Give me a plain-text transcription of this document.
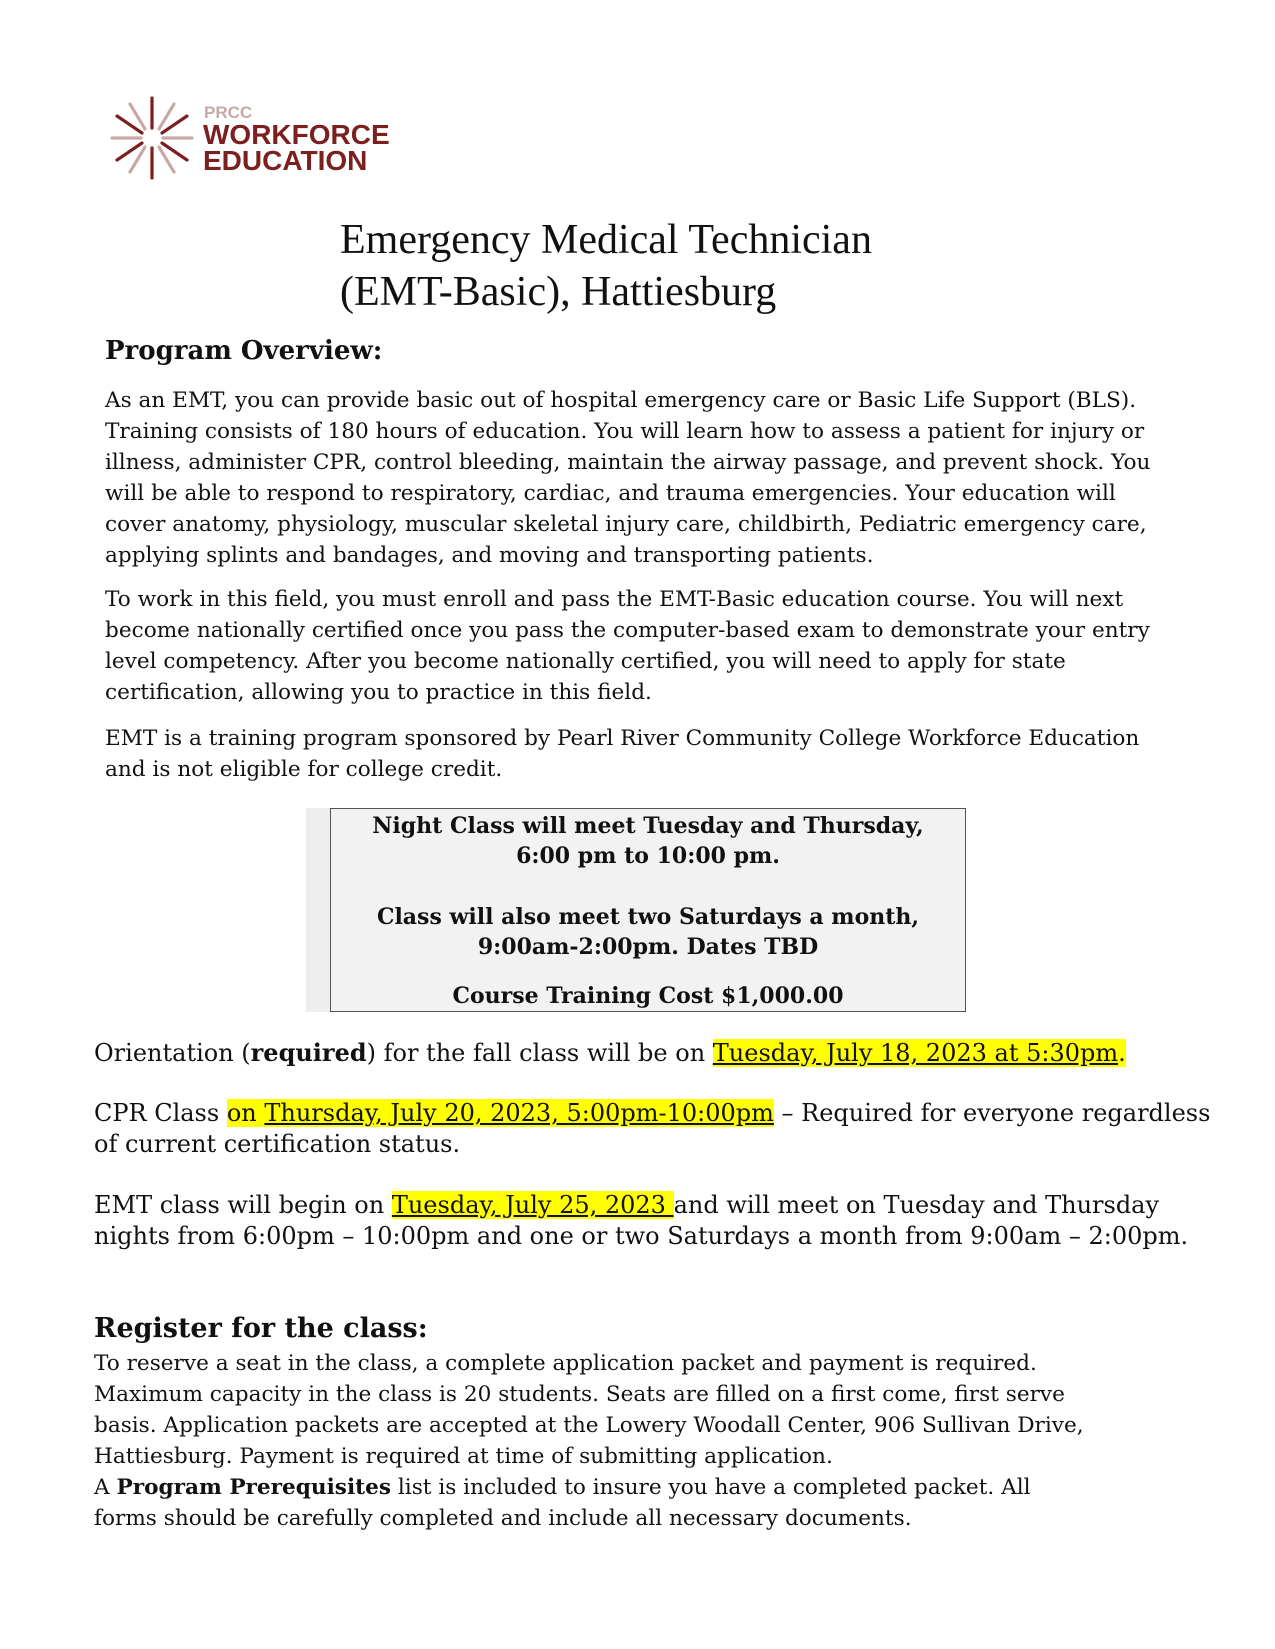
PRCC
WORKFORCE
EDUCATION
Emergency Medical Technician
(EMT-Basic), Hattiesburg
Program Overview:
As an EMT, you can provide basic out of hospital emergency care or Basic Life Support (BLS).
Training consists of 180 hours of education. You will learn how to assess a patient for injury or
illness, administer CPR, control bleeding, maintain the airway passage, and prevent shock. You
will be able to respond to respiratory, cardiac, and trauma emergencies. Your education will
cover anatomy, physiology, muscular skeletal injury care, childbirth, Pediatric emergency care,
applying splints and bandages, and moving and transporting patients.
To work in this field, you must enroll and pass the EMT-Basic education course. You will next
become nationally certified once you pass the computer-based exam to demonstrate your entry
level competency. After you become nationally certified, you will need to apply for state
certification, allowing you to practice in this field.
EMT is a training program sponsored by Pearl River Community College Workforce Education
and is not eligible for college credit.
Night Class will meet Tuesday and Thursday,
6:00 pm to 10:00 pm.
Class will also meet two Saturdays a month,
9:00am-2:00pm. Dates TBD
Course Training Cost $1,000.00
Orientation (required) for the fall class will be on Tuesday, July 18, 2023 at 5:30pm.
CPR Class on Thursday, July 20, 2023, 5:00pm-10:00pm – Required for everyone regardless of current certification status.
EMT class will begin on Tuesday, July 25, 2023 and will meet on Tuesday and Thursday nights from 6:00pm – 10:00pm and one or two Saturdays a month from 9:00am – 2:00pm.
Register for the class:
To reserve a seat in the class, a complete application packet and payment is required.
Maximum capacity in the class is 20 students. Seats are filled on a first come, first serve
basis. Application packets are accepted at the Lowery Woodall Center, 906 Sullivan Drive,
Hattiesburg. Payment is required at time of submitting application.
A Program Prerequisites list is included to insure you have a completed packet. All
forms should be carefully completed and include all necessary documents.
